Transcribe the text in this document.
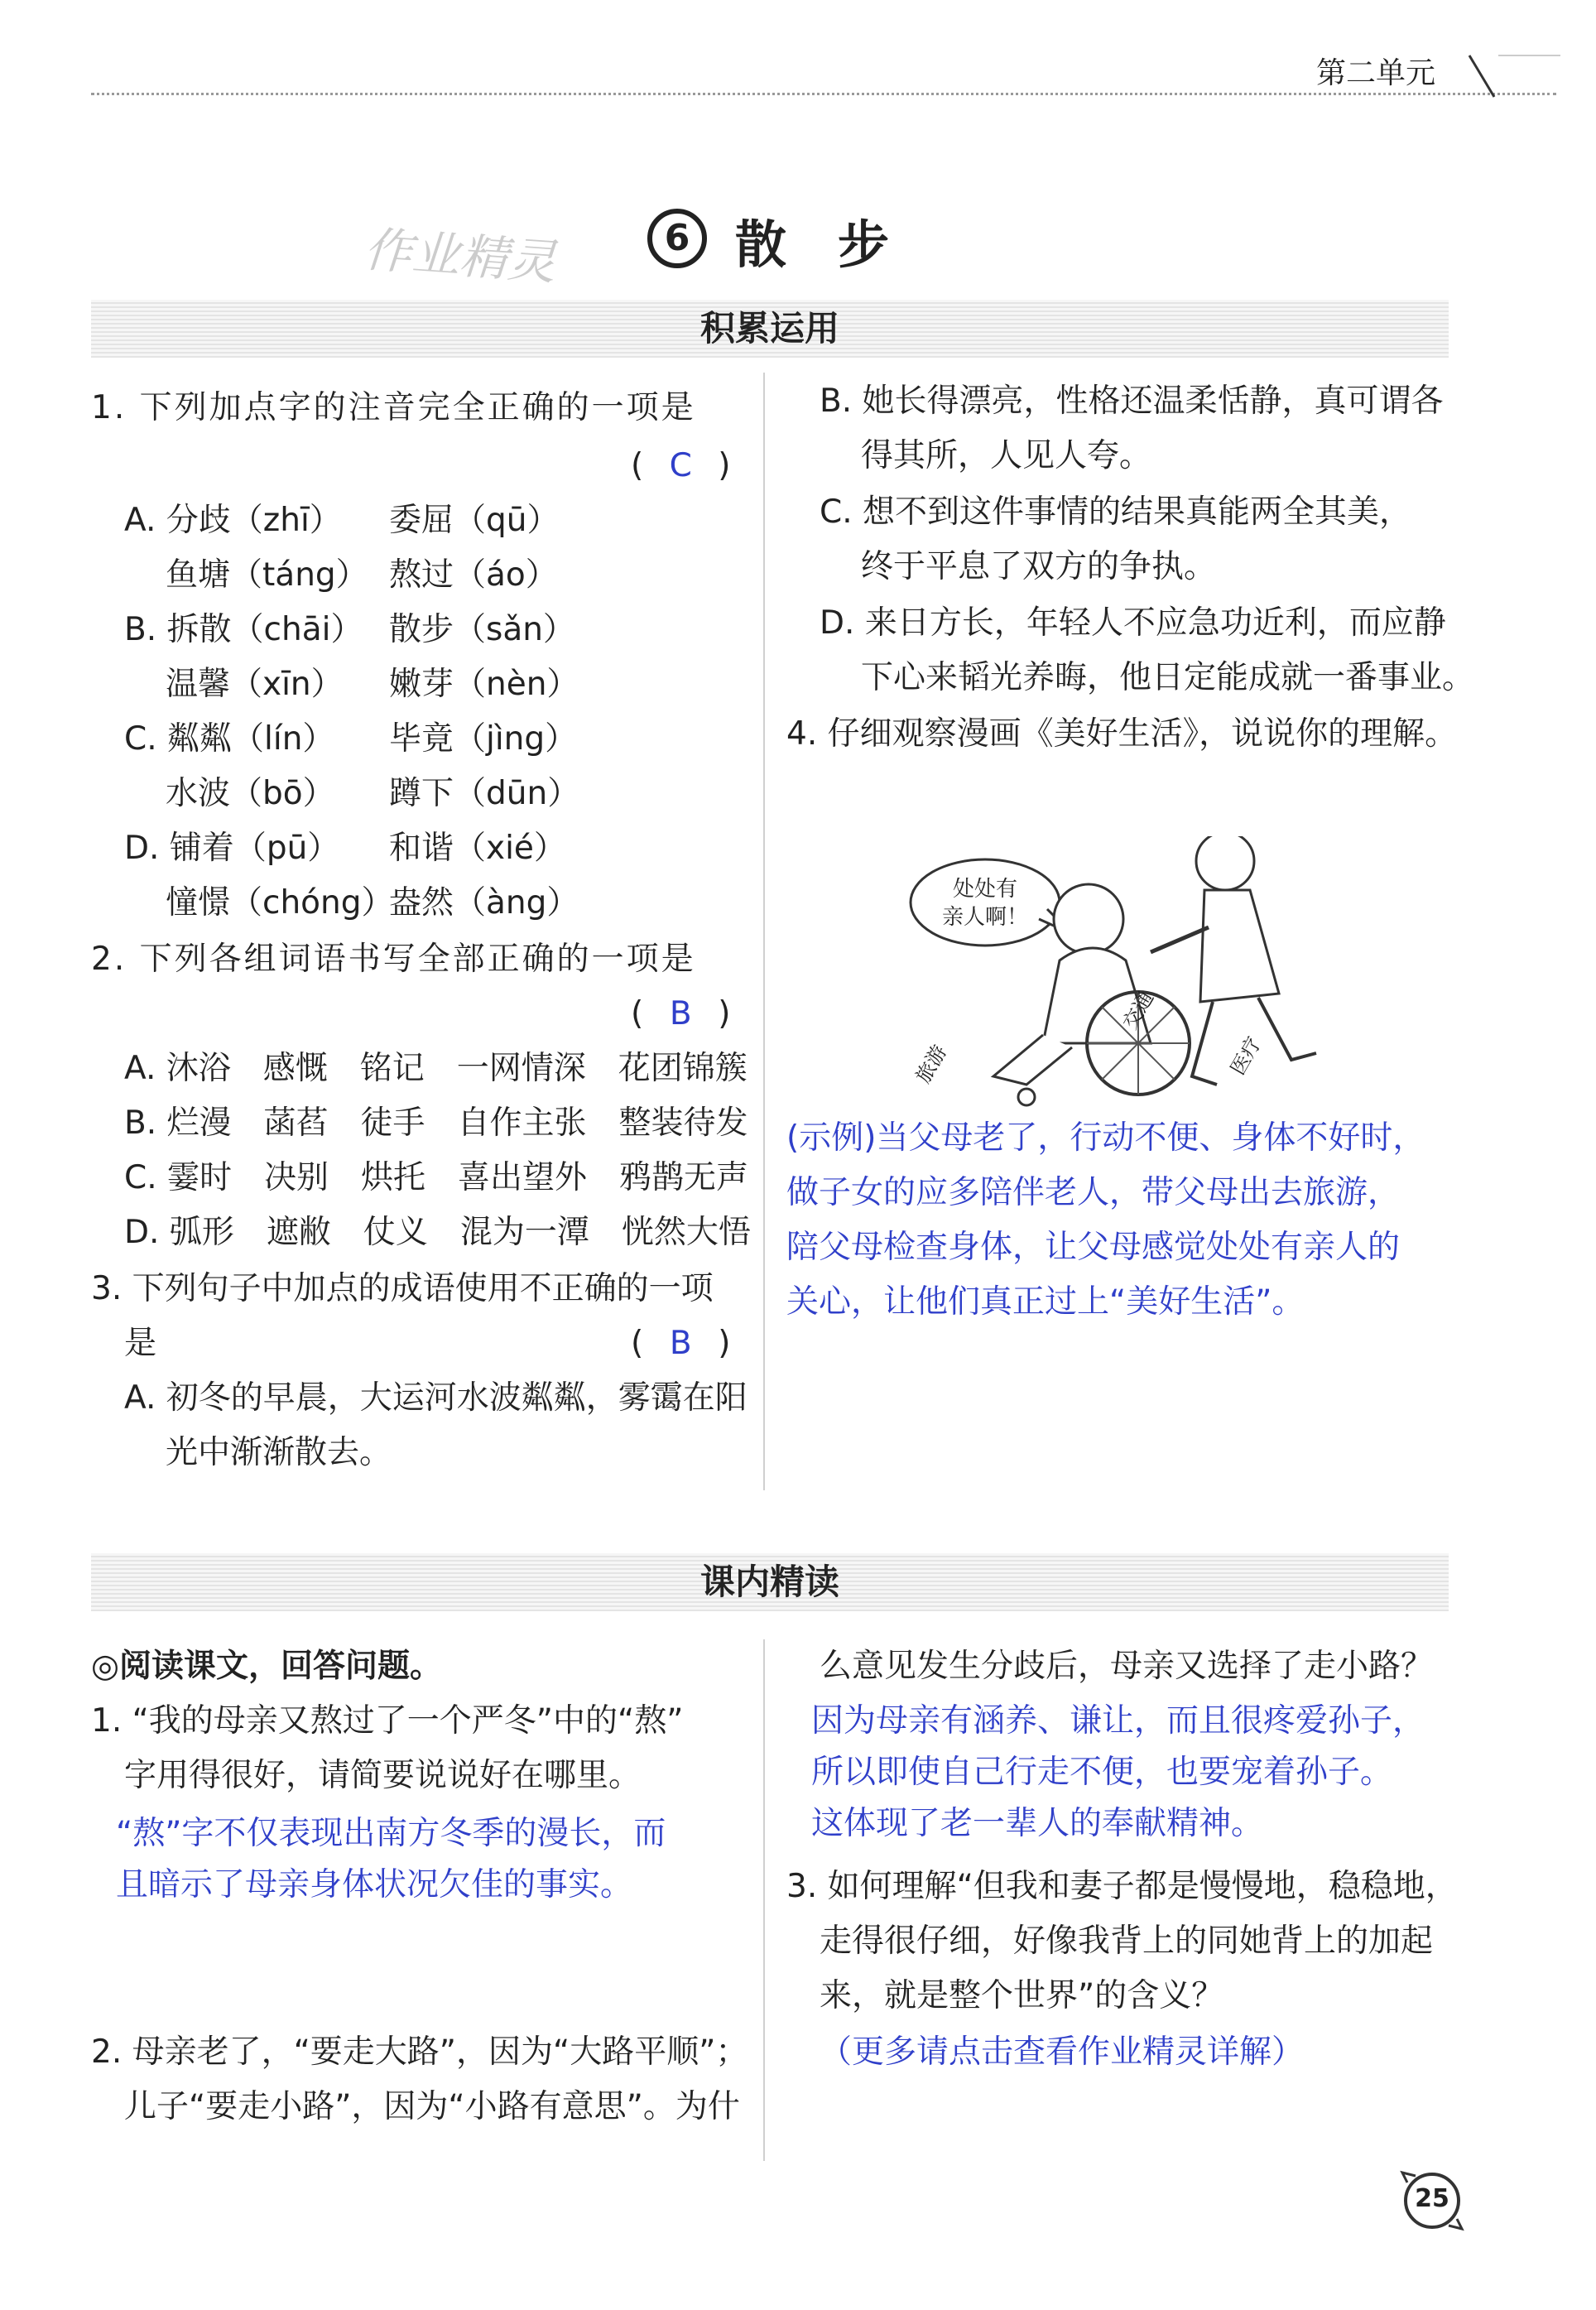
第二单元
作业精灵	6 散　步
积累运用
1. 下列加点字的注音完全正确的一项是
( C )
A. 分歧（zhī） 委屈（qū）
鱼塘（táng） 熬过（áo）
B. 拆散（chāi） 散步（sǎn）
温馨（xīn） 嫩芽（nèn）
C. 粼粼（lín） 毕竟（jìng）
水波（bō） 蹲下（dūn）
D. 铺着（pū） 和谐（xié）
憧憬（chóng）
盎然（àng）
2. 下列各组词语书写全部正确的一项是
( B )
A. 沐浴　感慨　铭记　一网情深　花团锦簇
B. 烂漫　菡萏　徒手　自作主张　整装待发
C. 霎时　决别　烘托　喜出望外　鸦鹊无声
D. 弧形　遮敝　仗义　混为一潭　恍然大悟
3. 下列句子中加点的成语使用不正确的一项
是	( B )
A. 初冬的早晨，大运河水波粼粼，雾霭在阳
光中渐渐散去。
B. 她长得漂亮，性格还温柔恬静，真可谓各
得其所，人见人夸。
C. 想不到这件事情的结果真能两全其美，
终于平息了双方的争执。
D. 来日方长，年轻人不应急功近利，而应静
下心来韬光养晦，他日定能成就一番事业。
4. 仔细观察漫画《美好生活》，说说你的理解。
处处有
亲人啊！
旅游
交通
医疗
(示例)当父母老了，行动不便、身体不好时，
做子女的应多陪伴老人，带父母出去旅游，
陪父母检查身体，让父母感觉处处有亲人的
关心，让他们真正过上“美好生活”。
课内精读
◎阅读课文，回答问题。
1. “我的母亲又熬过了一个严冬”中的“熬”
字用得很好，请简要说说好在哪里。
“熬”字不仅表现出南方冬季的漫长，而
且暗示了母亲身体状况欠佳的事实。
2. 母亲老了，“要走大路”，因为“大路平顺”；
儿子“要走小路”，因为“小路有意思”。为什
么意见发生分歧后，母亲又选择了走小路？
因为母亲有涵养、谦让，而且很疼爱孙子，
所以即使自己行走不便，也要宠着孙子。
这体现了老一辈人的奉献精神。
3. 如何理解“但我和妻子都是慢慢地，稳稳地，
走得很仔细，好像我背上的同她背上的加起
来，就是整个世界”的含义？
（更多请点击查看作业精灵详解）
25
